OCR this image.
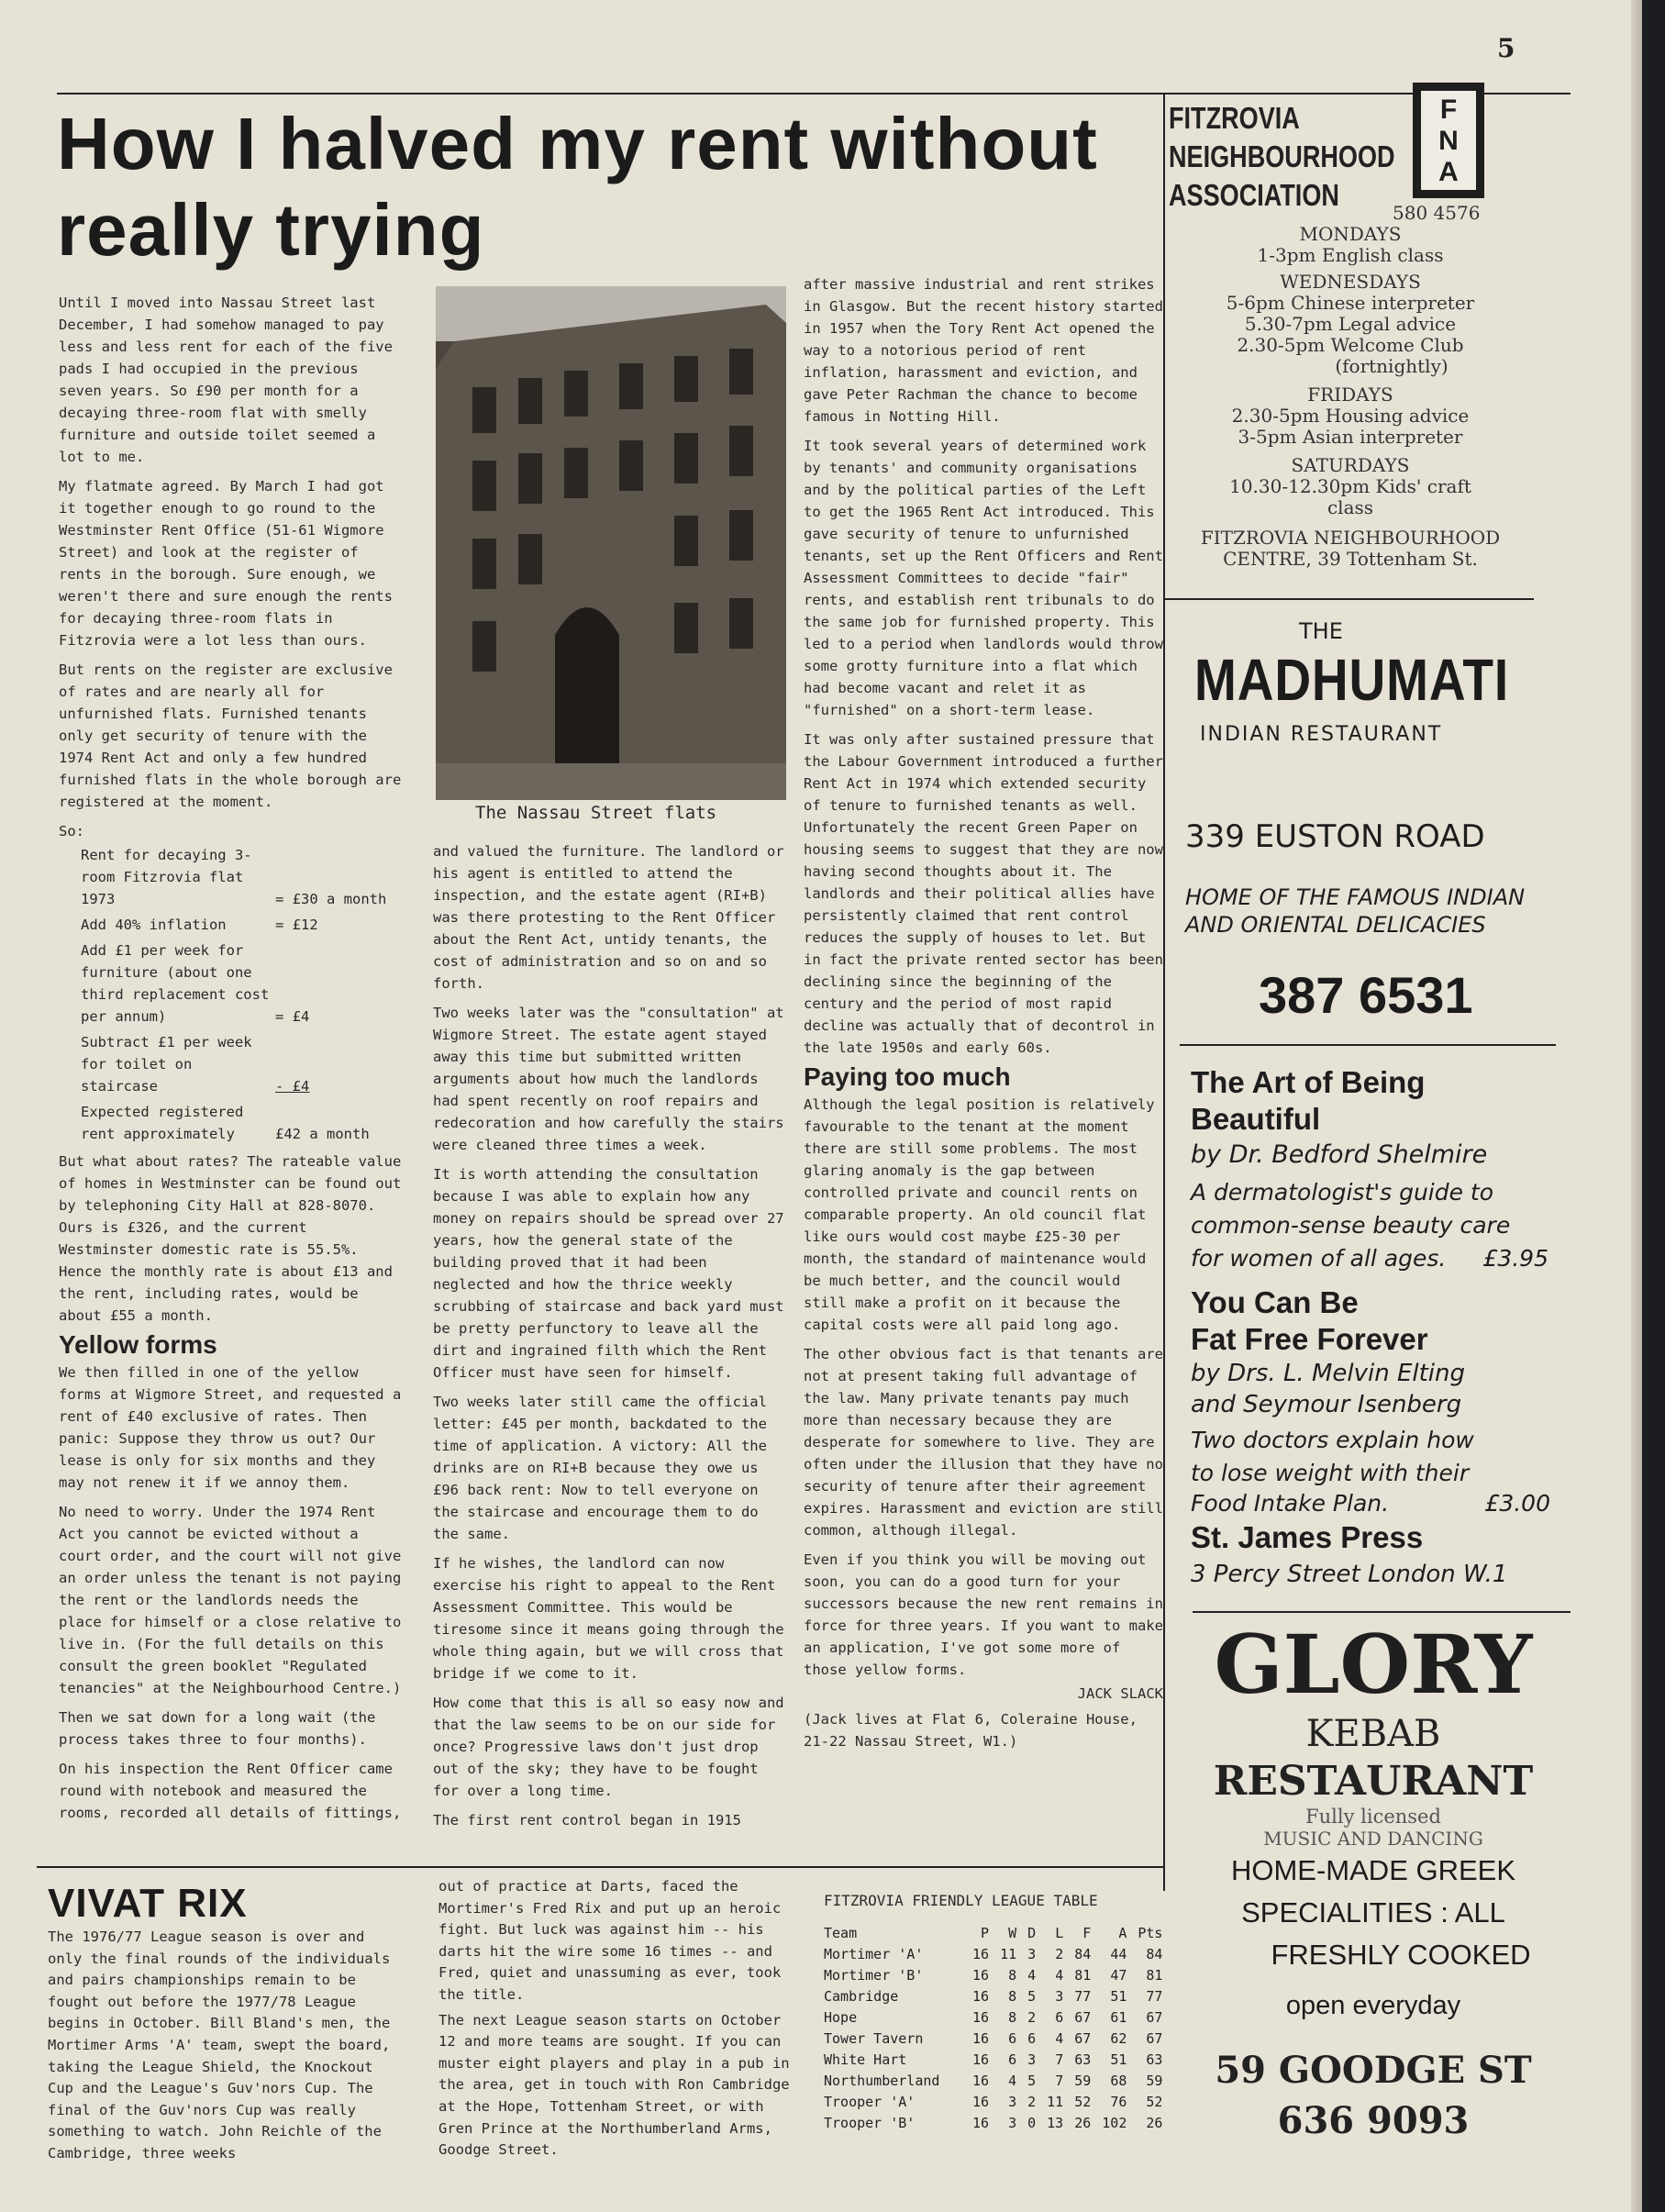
5
How I halved my rent without really trying

Until I moved into Nassau Street last December, I had somehow managed to pay less and less rent for each of the five pads I had occupied in the previous seven years. So £90 per month for a decaying three-room flat with smelly furniture and outside toilet seemed a lot to me.

My flatmate agreed. By March I had got it together enough to go round to the Westminster Rent Office (51-61 Wigmore Street) and look at the register of rents in the borough. Sure enough, we weren't there and sure enough the rents for decaying three-room flats in Fitzrovia were a lot less than ours.

But rents on the register are exclusive of rates and are nearly all for unfurnished flats. Furnished tenants only get security of tenure with the 1974 Rent Act and only a few hundred furnished flats in the whole borough are registered at the moment.

So:

Rent for decaying 3-room Fitzrovia flat 1973	= £30 a month
Add 40% inflation	= £12
Add £1 per week for furniture (about one third replacement cost per annum)	= £4
Subtract £1 per week for toilet on staircase	- £4
Expected registered rent approximately	£42 a month

But what about rates? The rateable value of homes in Westminster can be found out by telephoning City Hall at 828-8070. Ours is £326, and the current Westminster domestic rate is 55.5%. Hence the monthly rate is about £13 and the rent, including rates, would be about £55 a month.

Yellow forms

We then filled in one of the yellow forms at Wigmore Street, and requested a rent of £40 exclusive of rates. Then panic: Suppose they throw us out? Our lease is only for six months and they may not renew it if we annoy them.

No need to worry. Under the 1974 Rent Act you cannot be evicted without a court order, and the court will not give an order unless the tenant is not paying the rent or the landlords needs the place for himself or a close relative to live in. (For the full details on this consult the green booklet "Regulated tenancies" at the Neighbourhood Centre.)

Then we sat down for a long wait (the process takes three to four months).

On his inspection the Rent Officer came round with notebook and measured the rooms, recorded all details of fittings,

The Nassau Street flats

and valued the furniture. The landlord or his agent is entitled to attend the inspection, and the estate agent (RI+B) was there protesting to the Rent Officer about the Rent Act, untidy tenants, the cost of administration and so on and so forth.

Two weeks later was the "consultation" at Wigmore Street. The estate agent stayed away this time but submitted written arguments about how much the landlords had spent recently on roof repairs and redecoration and how carefully the stairs were cleaned three times a week.

It is worth attending the consultation because I was able to explain how any money on repairs should be spread over 27 years, how the general state of the building proved that it had been neglected and how the thrice weekly scrubbing of staircase and back yard must be pretty perfunctory to leave all the dirt and ingrained filth which the Rent Officer must have seen for himself.

Two weeks later still came the official letter: £45 per month, backdated to the time of application. A victory: All the drinks are on RI+B because they owe us £96 back rent: Now to tell everyone on the staircase and encourage them to do the same.

If he wishes, the landlord can now exercise his right to appeal to the Rent Assessment Committee. This would be tiresome since it means going through the whole thing again, but we will cross that bridge if we come to it.

How come that this is all so easy now and that the law seems to be on our side for once? Progressive laws don't just drop out of the sky; they have to be fought for over a long time.

The first rent control began in 1915

after massive industrial and rent strikes in Glasgow. But the recent history started in 1957 when the Tory Rent Act opened the way to a notorious period of rent inflation, harassment and eviction, and gave Peter Rachman the chance to become famous in Notting Hill.

It took several years of determined work by tenants' and community organisations and by the political parties of the Left to get the 1965 Rent Act introduced. This gave security of tenure to unfurnished tenants, set up the Rent Officers and Rent Assessment Committees to decide "fair" rents, and establish rent tribunals to do the same job for furnished property. This led to a period when landlords would throw some grotty furniture into a flat which had become vacant and relet it as "furnished" on a short-term lease.

It was only after sustained pressure that the Labour Government introduced a further Rent Act in 1974 which extended security of tenure to furnished tenants as well. Unfortunately the recent Green Paper on housing seems to suggest that they are now having second thoughts about it. The landlords and their political allies have persistently claimed that rent control reduces the supply of houses to let. But in fact the private rented sector has been declining since the beginning of the century and the period of most rapid decline was actually that of decontrol in the late 1950s and early 60s.

Paying too much

Although the legal position is relatively favourable to the tenant at the moment there are still some problems. The most glaring anomaly is the gap between controlled private and council rents on comparable property. An old council flat like ours would cost maybe £25-30 per month, the standard of maintenance would be much better, and the council would still make a profit on it because the capital costs were all paid long ago.

The other obvious fact is that tenants are not at present taking full advantage of the law. Many private tenants pay much more than necessary because they are desperate for somewhere to live. They are often under the illusion that they have no security of tenure after their agreement expires. Harassment and eviction are still common, although illegal.

Even if you think you will be moving out soon, you can do a good turn for your successors because the new rent remains in force for three years. If you want to make an application, I've got some more of those yellow forms.

JACK SLACK

(Jack lives at Flat 6, Coleraine House, 21-22 Nassau Street, W1.)

FITZROVIA
NEIGHBOURHOOD
ASSOCIATION
FNA
580 4576
MONDAYS
1-3pm English class
WEDNESDAYS
5-6pm Chinese interpreter
5.30-7pm Legal advice
2.30-5pm Welcome Club
(fortnightly)
FRIDAYS
2.30-5pm Housing advice
3-5pm Asian interpreter
SATURDAYS
10.30-12.30pm Kids' craft
class
FITZROVIA NEIGHBOURHOOD
CENTRE, 39 Tottenham St.
THE
MADHUMATI
INDIAN RESTAURANT
339 EUSTON ROAD
HOME OF THE FAMOUS INDIAN
AND ORIENTAL DELICACIES
387 6531
The Art of Being
Beautiful
by Dr. Bedford Shelmire
A dermatologist's guide to
common-sense beauty care
for women of all ages.	£3.95
You Can Be
Fat Free Forever
by Drs. L. Melvin Elting
and Seymour Isenberg
Two doctors explain how
to lose weight with their
Food Intake Plan.	£3.00
St. James Press
3 Percy Street London W.1
GLORY
KEBAB
RESTAURANT
Fully licensed
MUSIC AND DANCING
HOME-MADE GREEK
SPECIALITIES : ALL
FRESHLY COOKED
open everyday
59 GOODGE ST
636 9093
VIVAT RIX
The 1976/77 League season is over and only the final rounds of the individuals and pairs championships remain to be fought out before the 1977/78 League begins in October. Bill Bland's men, the Mortimer Arms 'A' team, swept the board, taking the League Shield, the Knockout Cup and the League's Guv'nors Cup. The final of the Guv'nors Cup was really something to watch. John Reichle of the Cambridge, three weeks

out of practice at Darts, faced the Mortimer's Fred Rix and put up an heroic fight. But luck was against him -- his darts hit the wire some 16 times -- and Fred, quiet and unassuming as ever, took the title.

The next League season starts on October 12 and more teams are sought. If you can muster eight players and play in a pub in the area, get in touch with Ron Cambridge at the Hope, Tottenham Street, or with Gren Prince at the Northumberland Arms, Goodge Street.

FITZROVIA FRIENDLY LEAGUE TABLE
Team	P	W	D	L	F	A	Pts
Mortimer 'A'	16	11	3	2	84	44	84
Mortimer 'B'	16	8	4	4	81	47	81
Cambridge	16	8	5	3	77	51	77
Hope	16	8	2	6	67	61	67
Tower Tavern	16	6	6	4	67	62	67
White Hart	16	6	3	7	63	51	63
Northumberland	16	4	5	7	59	68	59
Trooper 'A'	16	3	2	11	52	76	52
Trooper 'B'	16	3	0	13	26	102	26
